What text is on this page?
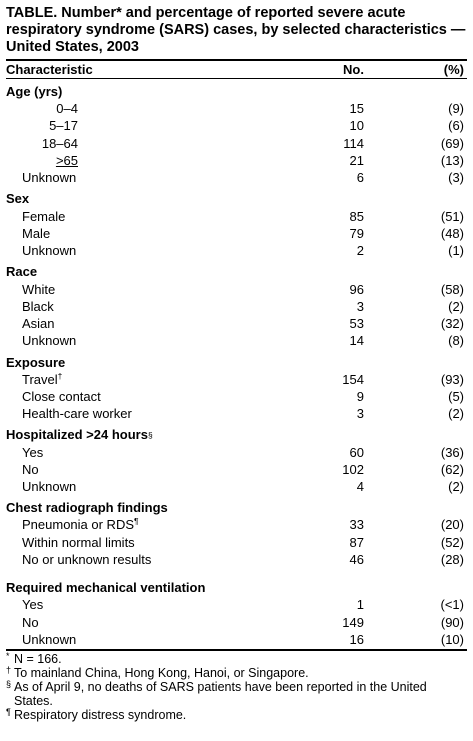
TABLE. Number* and percentage of reported severe acute respiratory syndrome (SARS) cases, by selected characteristics — United States, 2003
Characteristic	No.	(%)
Age (yrs)
0–4	15	(9)
5–17	10	(6)
18–64	114	(69)
>65	21	(13)
Unknown	6	(3)
Sex
Female	85	(51)
Male	79	(48)
Unknown	2	(1)
Race
White	96	(58)
Black	3	(2)
Asian	53	(32)
Unknown	14	(8)
Exposure
Travel†	154	(93)
Close contact	9	(5)
Health-care worker	3	(2)
Hospitalized >24 hours §
Yes	60	(36)
No	102	(62)
Unknown	4	(2)
Chest radiograph findings
Pneumonia or RDS¶	33	(20)
Within normal limits	87	(52)
No or unknown results	46	(28)
Required mechanical ventilation
Yes	1	(<1)
No	149	(90)
Unknown	16	(10)
* N = 166.
† To mainland China, Hong Kong, Hanoi, or Singapore.
§ As of April 9, no deaths of SARS patients have been reported in the United States.
¶ Respiratory distress syndrome.
